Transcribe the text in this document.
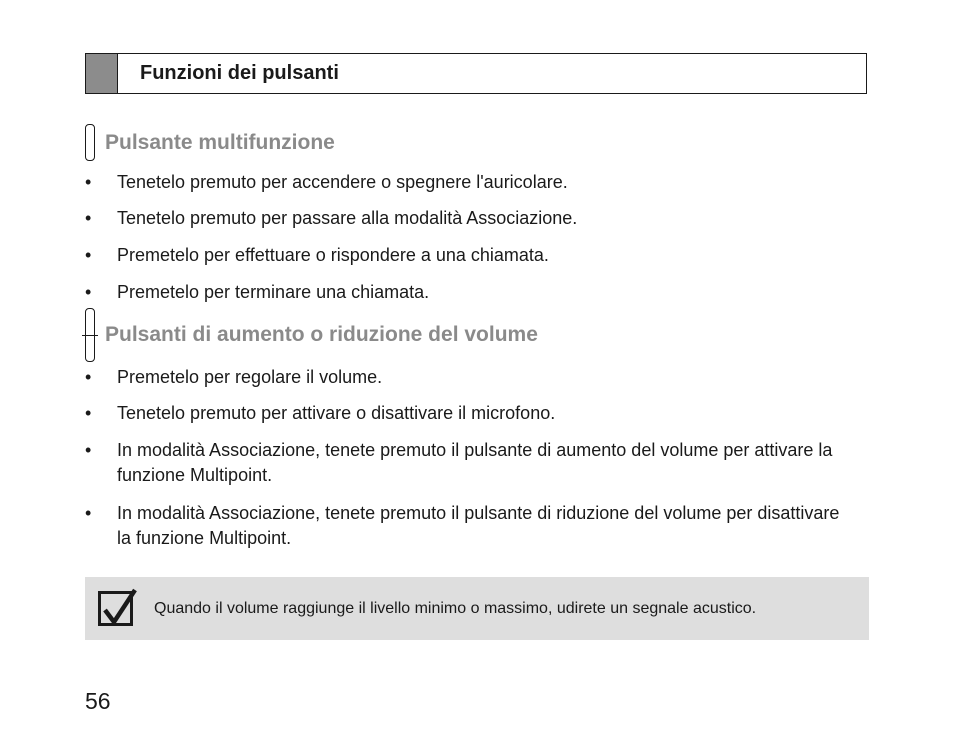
Funzioni dei pulsanti
Pulsante multifunzione
• Tenetelo premuto per accendere o spegnere l'auricolare.
• Tenetelo premuto per passare alla modalità Associazione.
• Premetelo per effettuare o rispondere a una chiamata.
• Premetelo per terminare una chiamata.
Pulsanti di aumento o riduzione del volume
• Premetelo per regolare il volume.
• Tenetelo premuto per attivare o disattivare il microfono.
• In modalità Associazione, tenete premuto il pulsante di aumento del volume per attivare la funzione Multipoint.
• In modalità Associazione, tenete premuto il pulsante di riduzione del volume per disattivare la funzione Multipoint.
Quando il volume raggiunge il livello minimo o massimo, udirete un segnale acustico.
56
